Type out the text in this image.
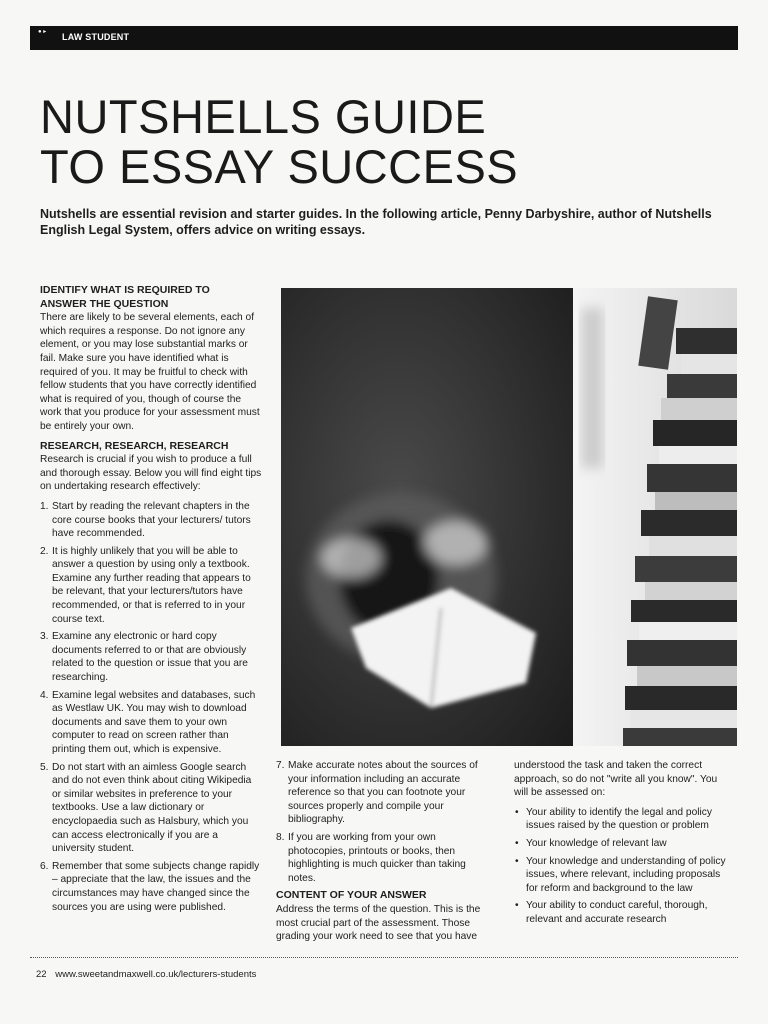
● ▸ LAW STUDENT
NUTSHELLS GUIDE
TO ESSAY SUCCESS

Nutshells are essential revision and starter guides. In the following article, Penny Darbyshire, author of Nutshells English Legal System, offers advice on writing essays.

IDENTIFY WHAT IS REQUIRED TO
ANSWER THE QUESTION

There are likely to be several elements, each of which requires a response. Do not ignore any element, or you may lose substantial marks or fail. Make sure you have identified what is required of you. It may be fruitful to check with fellow students that you have correctly identified what is required of you, though of course the work that you produce for your assessment must be entirely your own.

RESEARCH, RESEARCH, RESEARCH

Research is crucial if you wish to produce a full and thorough essay. Below you will find eight tips on undertaking research effectively:

1. Start by reading the relevant chapters in the core course books that your lecturers/ tutors have recommended.
2. It is highly unlikely that you will be able to answer a question by using only a textbook. Examine any further reading that appears to be relevant, that your lecturers/tutors have recommended, or that is referred to in your course text.
3. Examine any electronic or hard copy documents referred to or that are obviously related to the question or issue that you are researching.
4. Examine legal websites and databases, such as Westlaw UK. You may wish to download documents and save them to your own computer to read on screen rather than printing them out, which is expensive.
5. Do not start with an aimless Google search and do not even think about citing Wikipedia or similar websites in preference to your textbooks. Use a law dictionary or encyclopaedia such as Halsbury, which you can access electronically if you are a university student.
6. Remember that some subjects change rapidly – appreciate that the law, the issues and the circumstances may have changed since the sources you are using were published.
7. Make accurate notes about the sources of your information including an accurate reference so that you can footnote your sources properly and compile your bibliography.
8. If you are working from your own photocopies, printouts or books, then highlighting is much quicker than taking notes.
CONTENT OF YOUR ANSWER

Address the terms of the question. This is the most crucial part of the assessment. Those grading your work need to see that you have

understood the task and taken the correct approach, so do not "write all you know". You will be assessed on:

• Your ability to identify the legal and policy issues raised by the question or problem
• Your knowledge of relevant law
• Your knowledge and understanding of policy issues, where relevant, including proposals for reform and background to the law
• Your ability to conduct careful, thorough, relevant and accurate research
22 www.sweetandmaxwell.co.uk/lecturers-students
